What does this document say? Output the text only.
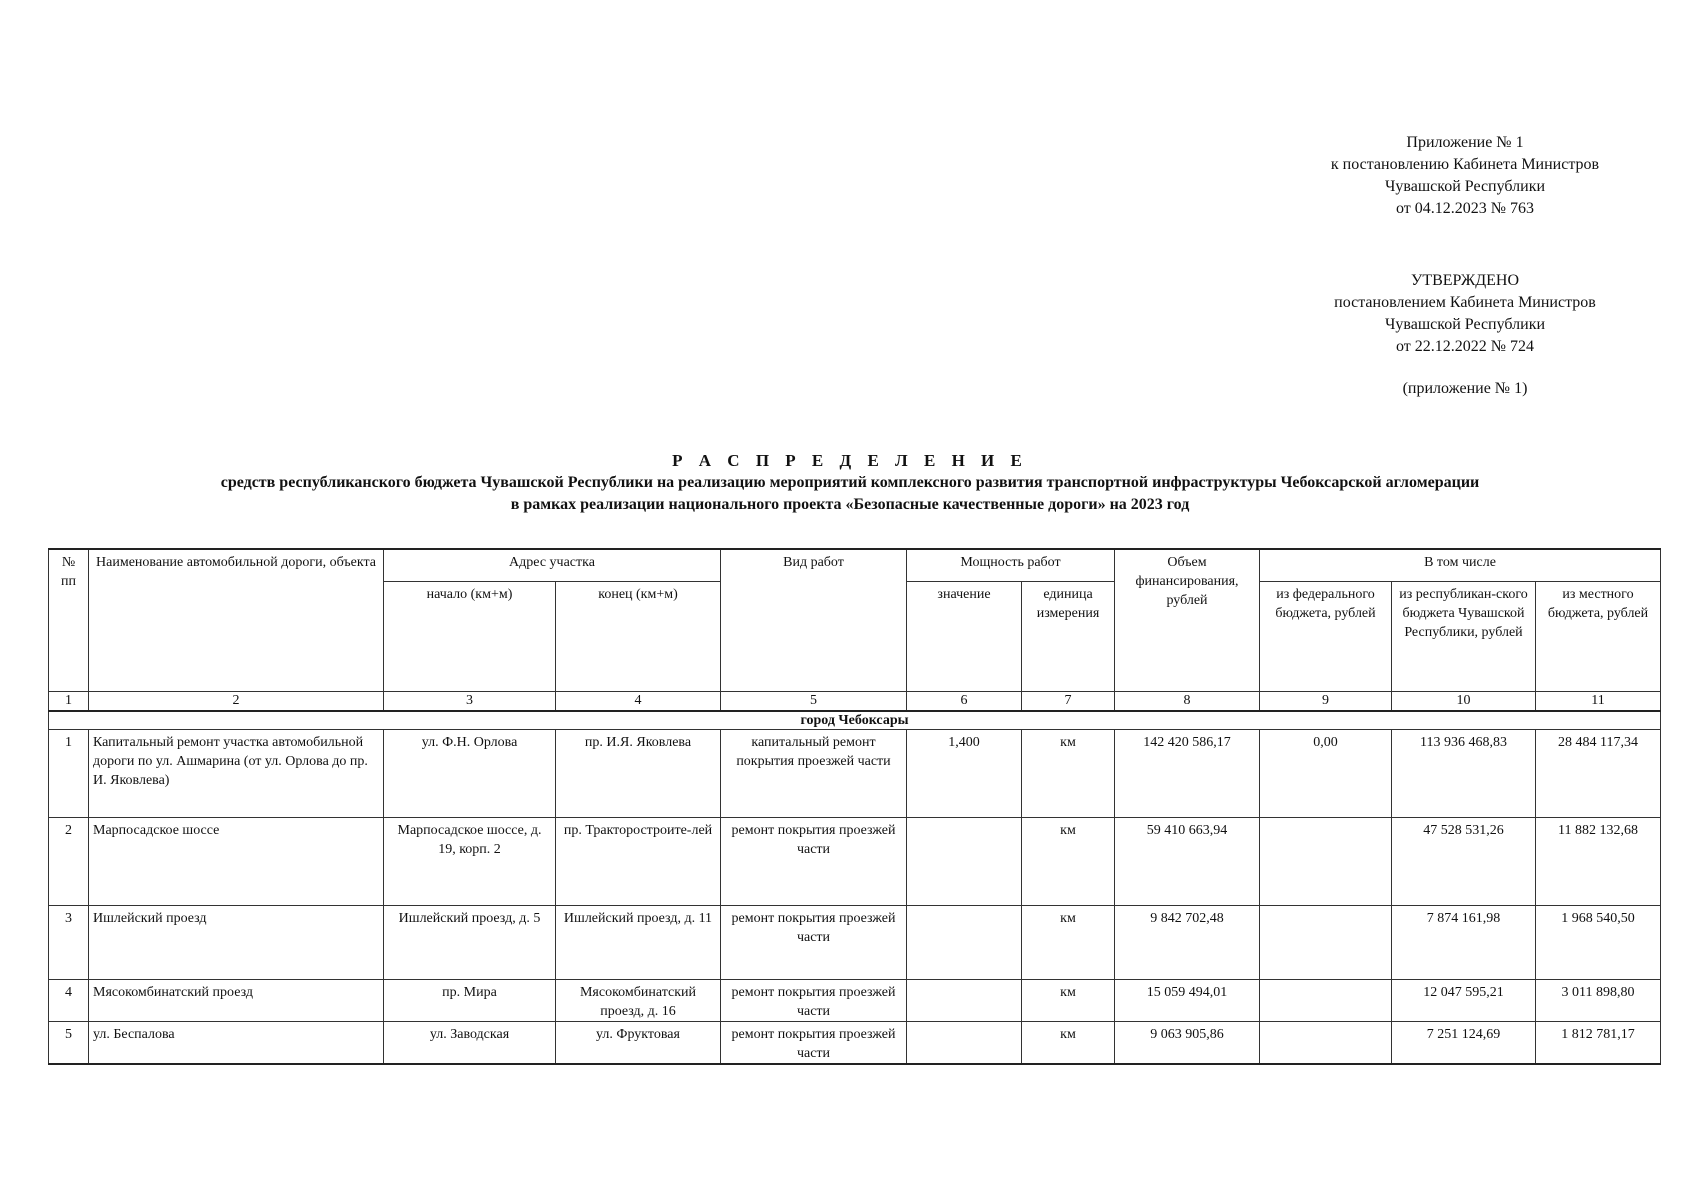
Приложение № 1
к постановлению Кабинета Министров
Чувашской Республики
от 04.12.2023 № 763
УТВЕРЖДЕНО
постановлением Кабинета Министров
Чувашской Республики
от 22.12.2022 № 724
(приложение № 1)
Р А С П Р Е Д Е Л Е Н И Е
средств республиканского бюджета Чувашской Республики на реализацию мероприятий комплексного развития транспортной инфраструктуры Чебоксарской агломерации
в рамках реализации национального проекта «Безопасные качественные дороги» на 2023 год
№ пп	Наименование автомобильной дороги, объекта	Адрес участка		Вид работ	Мощность работ		Объем финансирования, рублей	В том числе		
		начало (км+м)	конец (км+м)		значение	единица измерения		из федерального бюджета, рублей	из республикан-ского бюджета Чувашской Республики, рублей	из местного бюджета, рублей
1	2	3	4	5	6	7	8	9	10	11
город Чебоксары										
1	Капитальный ремонт участка автомобильной дороги по ул. Ашмарина (от ул. Орлова до пр. И. Яковлева)	ул. Ф.Н. Орлова	пр. И.Я. Яковлева	капитальный ремонт покрытия проезжей части	1,400	км	142 420 586,17	0,00	113 936 468,83	28 484 117,34
2	Марпосадское шоссе	Марпосадское шоссе, д. 19, корп. 2	пр. Тракторострoите-лей	ремонт покрытия проезжей части		км	59 410 663,94		47 528 531,26	11 882 132,68
3	Ишлейский проезд	Ишлейский проезд, д. 5	Ишлейский проезд, д. 11	ремонт покрытия проезжей части		км	9 842 702,48		7 874 161,98	1 968 540,50
4	Мясокомбинатский проезд	пр. Мира	Мясокомбинатский проезд, д. 16	ремонт покрытия проезжей части		км	15 059 494,01		12 047 595,21	3 011 898,80
5	ул. Беспалова	ул. Заводская	ул. Фруктовая	ремонт покрытия проезжей части		км	9 063 905,86		7 251 124,69	1 812 781,17
